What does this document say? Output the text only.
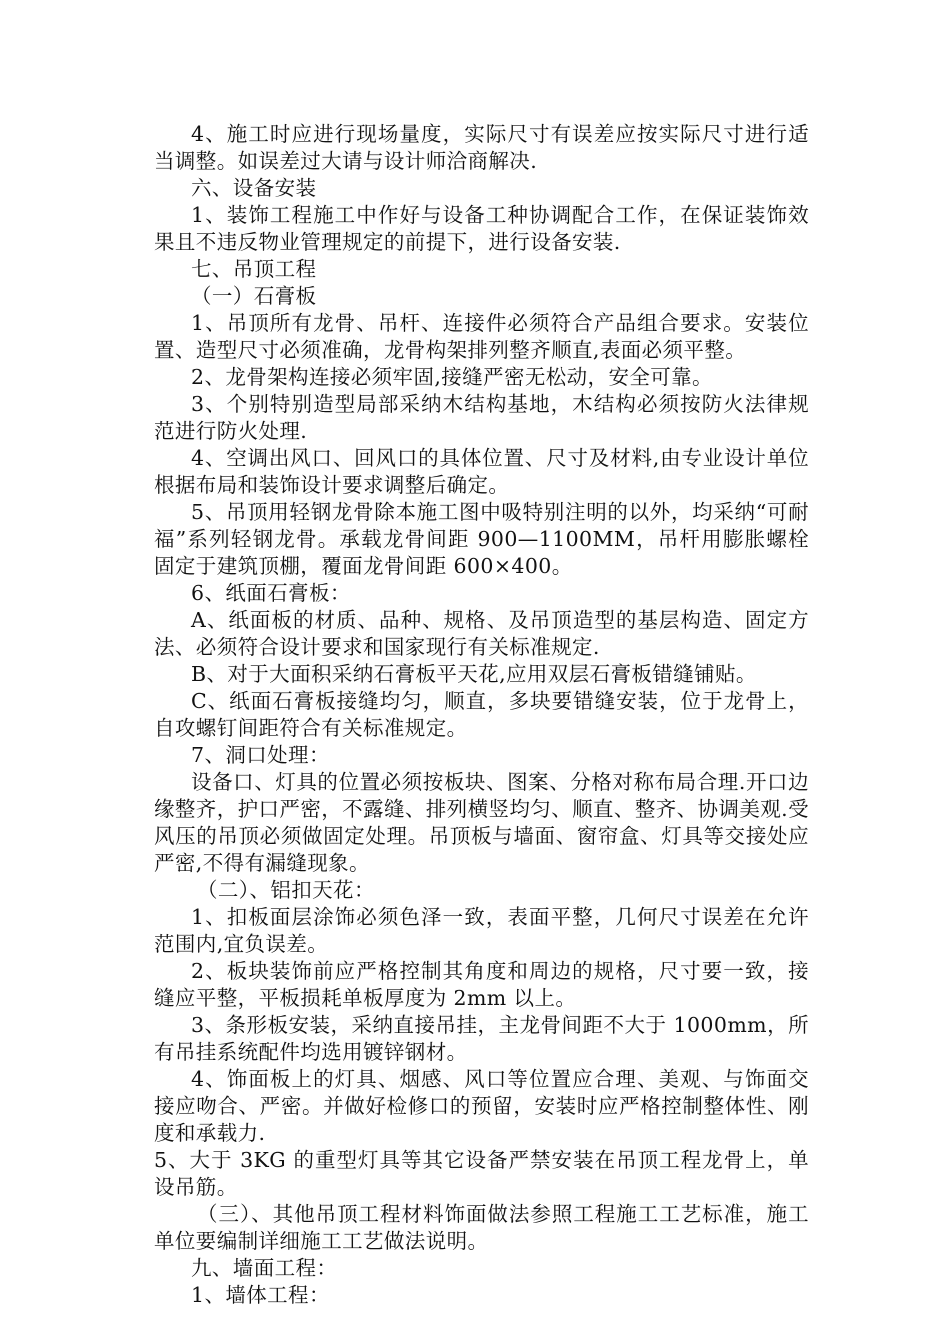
4、施工时应进行现场量度，实际尺寸有误差应按实际尺寸进行适当调整。如误差过大请与设计师洽商解决.

六、设备安装

1、装饰工程施工中作好与设备工种协调配合工作，在保证装饰效果且不违反物业管理规定的前提下，进行设备安装.

七、吊顶工程

（一）石膏板

1、吊顶所有龙骨、吊杆、连接件必须符合产品组合要求。安装位置、造型尺寸必须准确，龙骨构架排列整齐顺直,表面必须平整。

2、龙骨架构连接必须牢固,接缝严密无松动，安全可靠。

3、个别特别造型局部采纳木结构基地，木结构必须按防火法律规范进行防火处理.

4、空调出风口、回风口的具体位置、尺寸及材料,由专业设计单位根据布局和装饰设计要求调整后确定。

5、吊顶用轻钢龙骨除本施工图中吸特别注明的以外，均采纳“可耐福”系列轻钢龙骨。承载龙骨间距 900—1100MM，吊杆用膨胀螺栓固定于建筑顶棚，覆面龙骨间距 600×400。

6、纸面石膏板：

A、纸面板的材质、品种、规格、及吊顶造型的基层构造、固定方法、必须符合设计要求和国家现行有关标准规定.

B、对于大面积采纳石膏板平天花,应用双层石膏板错缝铺贴。

C、纸面石膏板接缝均匀，顺直，多块要错缝安装，位于龙骨上，自攻螺钉间距符合有关标准规定。

7、洞口处理：

设备口、灯具的位置必须按板块、图案、分格对称布局合理.开口边缘整齐，护口严密，不露缝、排列横竖均匀、顺直、整齐、协调美观.受风压的吊顶必须做固定处理。吊顶板与墙面、窗帘盒、灯具等交接处应严密,不得有漏缝现象。

（二）、铝扣天花：

1、扣板面层涂饰必须色泽一致，表面平整，几何尺寸误差在允许范围内,宜负误差。

2、板块装饰前应严格控制其角度和周边的规格，尺寸要一致，接缝应平整，平板损耗单板厚度为 2mm 以上。

3、条形板安装，采纳直接吊挂，主龙骨间距不大于 1000mm，所有吊挂系统配件均选用镀锌钢材。

4、饰面板上的灯具、烟感、风口等位置应合理、美观、与饰面交接应吻合、严密。并做好检修口的预留，安装时应严格控制整体性、刚度和承载力.

5、大于 3KG 的重型灯具等其它设备严禁安装在吊顶工程龙骨上，单设吊筋。

（三）、其他吊顶工程材料饰面做法参照工程施工工艺标准，施工单位要编制详细施工工艺做法说明。

九、墙面工程：

1、墙体工程：
